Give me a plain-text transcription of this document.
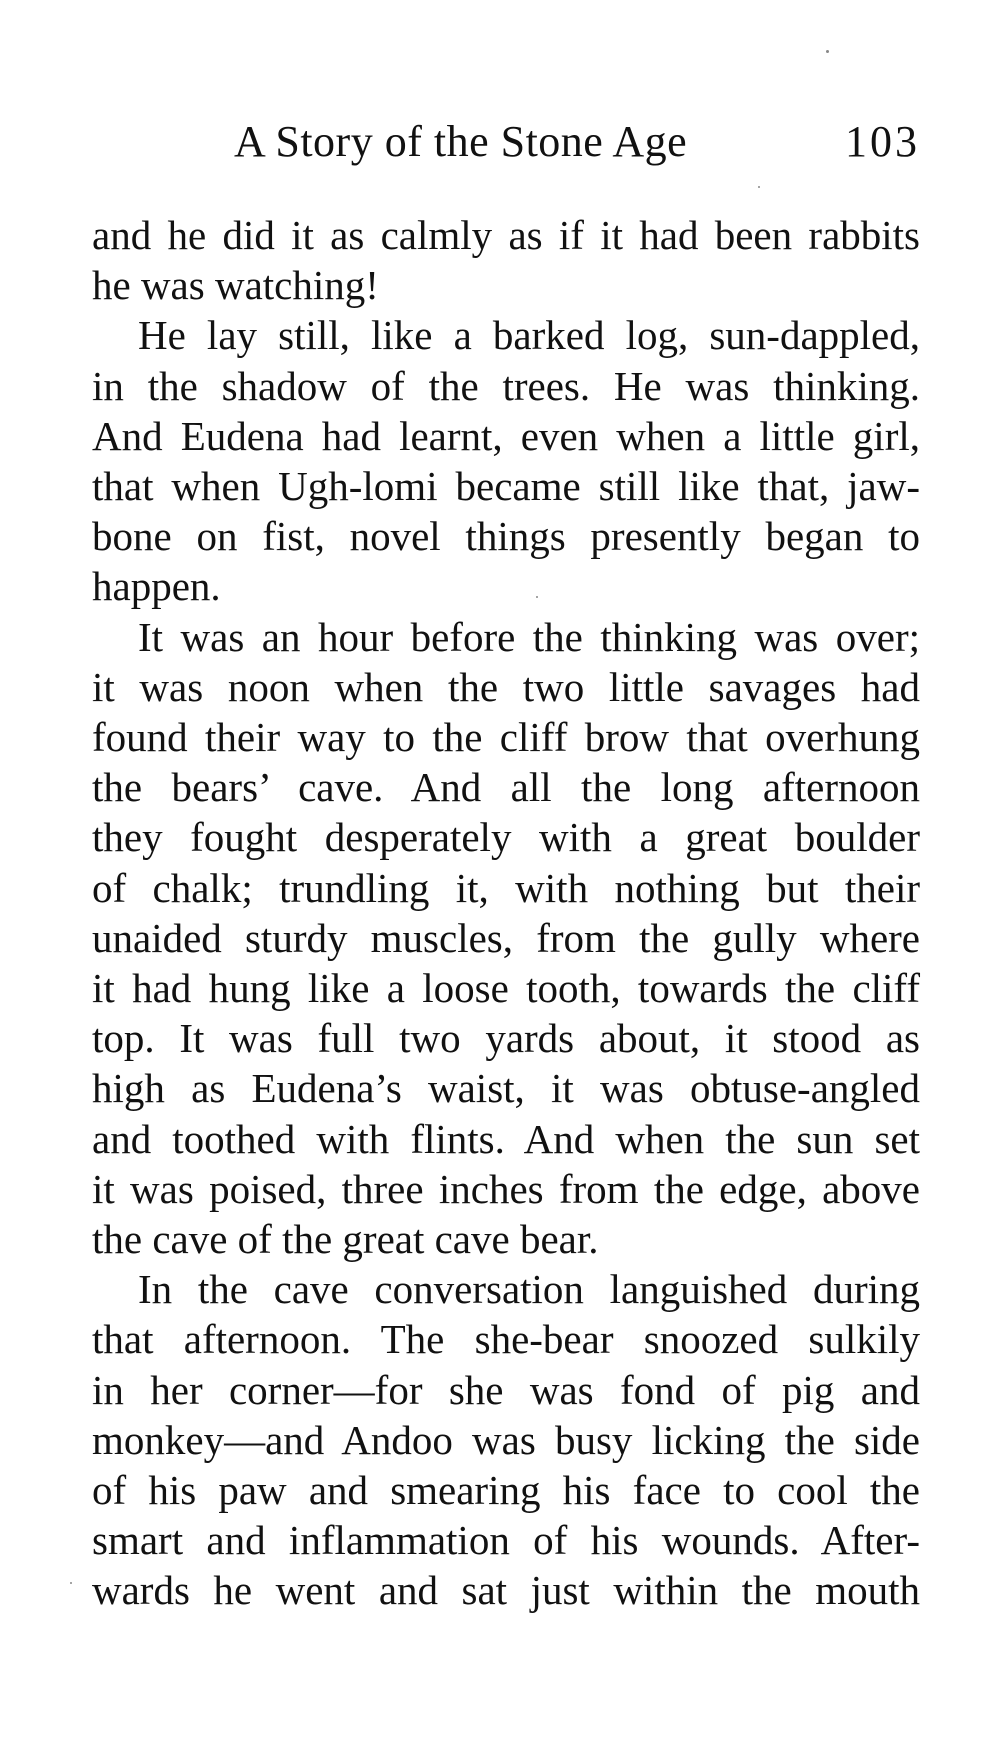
A Story of the Stone Age	103
and he did it as calmly as if it had been rabbits
he was watching!
He lay still, like a barked log, sun-dappled,
in the shadow of the trees. He was thinking.
And Eudena had learnt, even when a little girl,
that when Ugh-lomi became still like that, jaw-
bone on fist, novel things presently began to
happen.
It was an hour before the thinking was over;
it was noon when the two little savages had
found their way to the cliff brow that overhung
the bears’ cave. And all the long afternoon
they fought desperately with a great boulder
of chalk; trundling it, with nothing but their
unaided sturdy muscles, from the gully where
it had hung like a loose tooth, towards the cliff
top. It was full two yards about, it stood as
high as Eudena’s waist, it was obtuse-angled
and toothed with flints. And when the sun set
it was poised, three inches from the edge, above
the cave of the great cave bear.
In the cave conversation languished during
that afternoon. The she-bear snoozed sulkily
in her corner—for she was fond of pig and
monkey—and Andoo was busy licking the side
of his paw and smearing his face to cool the
smart and inflammation of his wounds. After-
wards he went and sat just within the mouth
